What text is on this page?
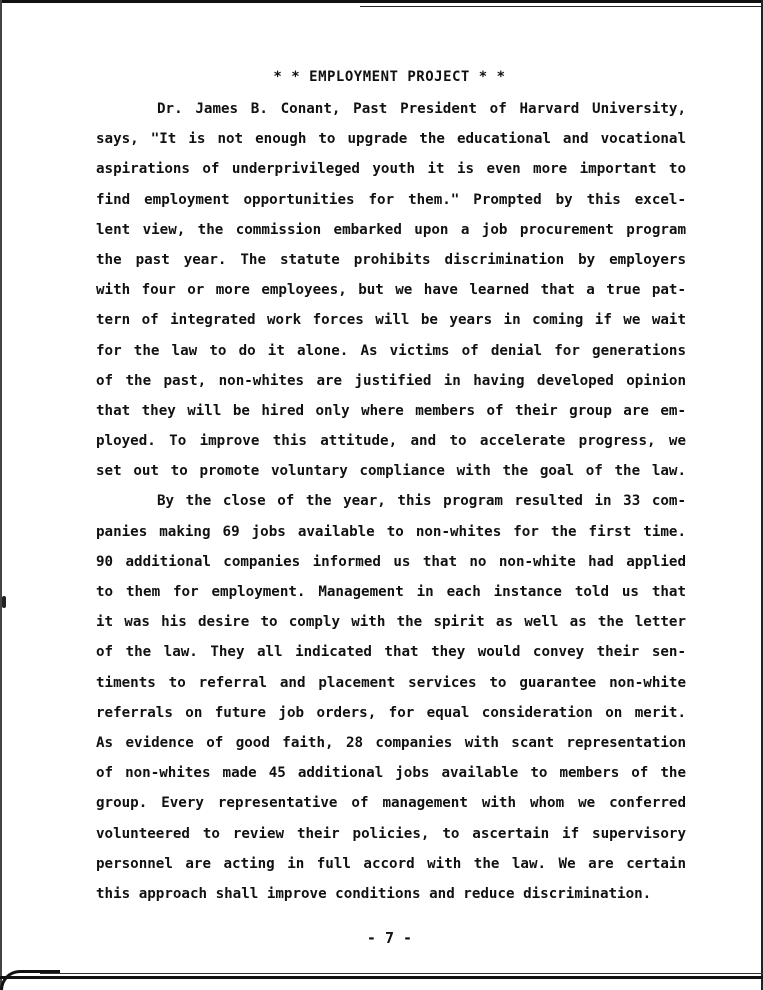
* * EMPLOYMENT PROJECT * *
Dr. James B. Conant, Past President of Harvard University,
says, "It is not enough to upgrade the educational and vocational
aspirations of underprivileged youth it is even more important to
find employment opportunities for them." Prompted by this excel-
lent view, the commission embarked upon a job procurement program
the past year. The statute prohibits discrimination by employers
with four or more employees, but we have learned that a true pat-
tern of integrated work forces will be years in coming if we wait
for the law to do it alone. As victims of denial for generations
of the past, non-whites are justified in having developed opinion
that they will be hired only where members of their group are em-
ployed. To improve this attitude, and to accelerate progress, we
set out to promote voluntary compliance with the goal of the law.
By the close of the year, this program resulted in 33 com-
panies making 69 jobs available to non-whites for the first time.
90 additional companies informed us that no non-white had applied
to them for employment. Management in each instance told us that
it was his desire to comply with the spirit as well as the letter
of the law. They all indicated that they would convey their sen-
timents to referral and placement services to guarantee non-white
referrals on future job orders, for equal consideration on merit.
As evidence of good faith, 28 companies with scant representation
of non-whites made 45 additional jobs available to members of the
group. Every representative of management with whom we conferred
volunteered to review their policies, to ascertain if supervisory
personnel are acting in full accord with the law. We are certain
this approach shall improve conditions and reduce discrimination.
- 7 -
